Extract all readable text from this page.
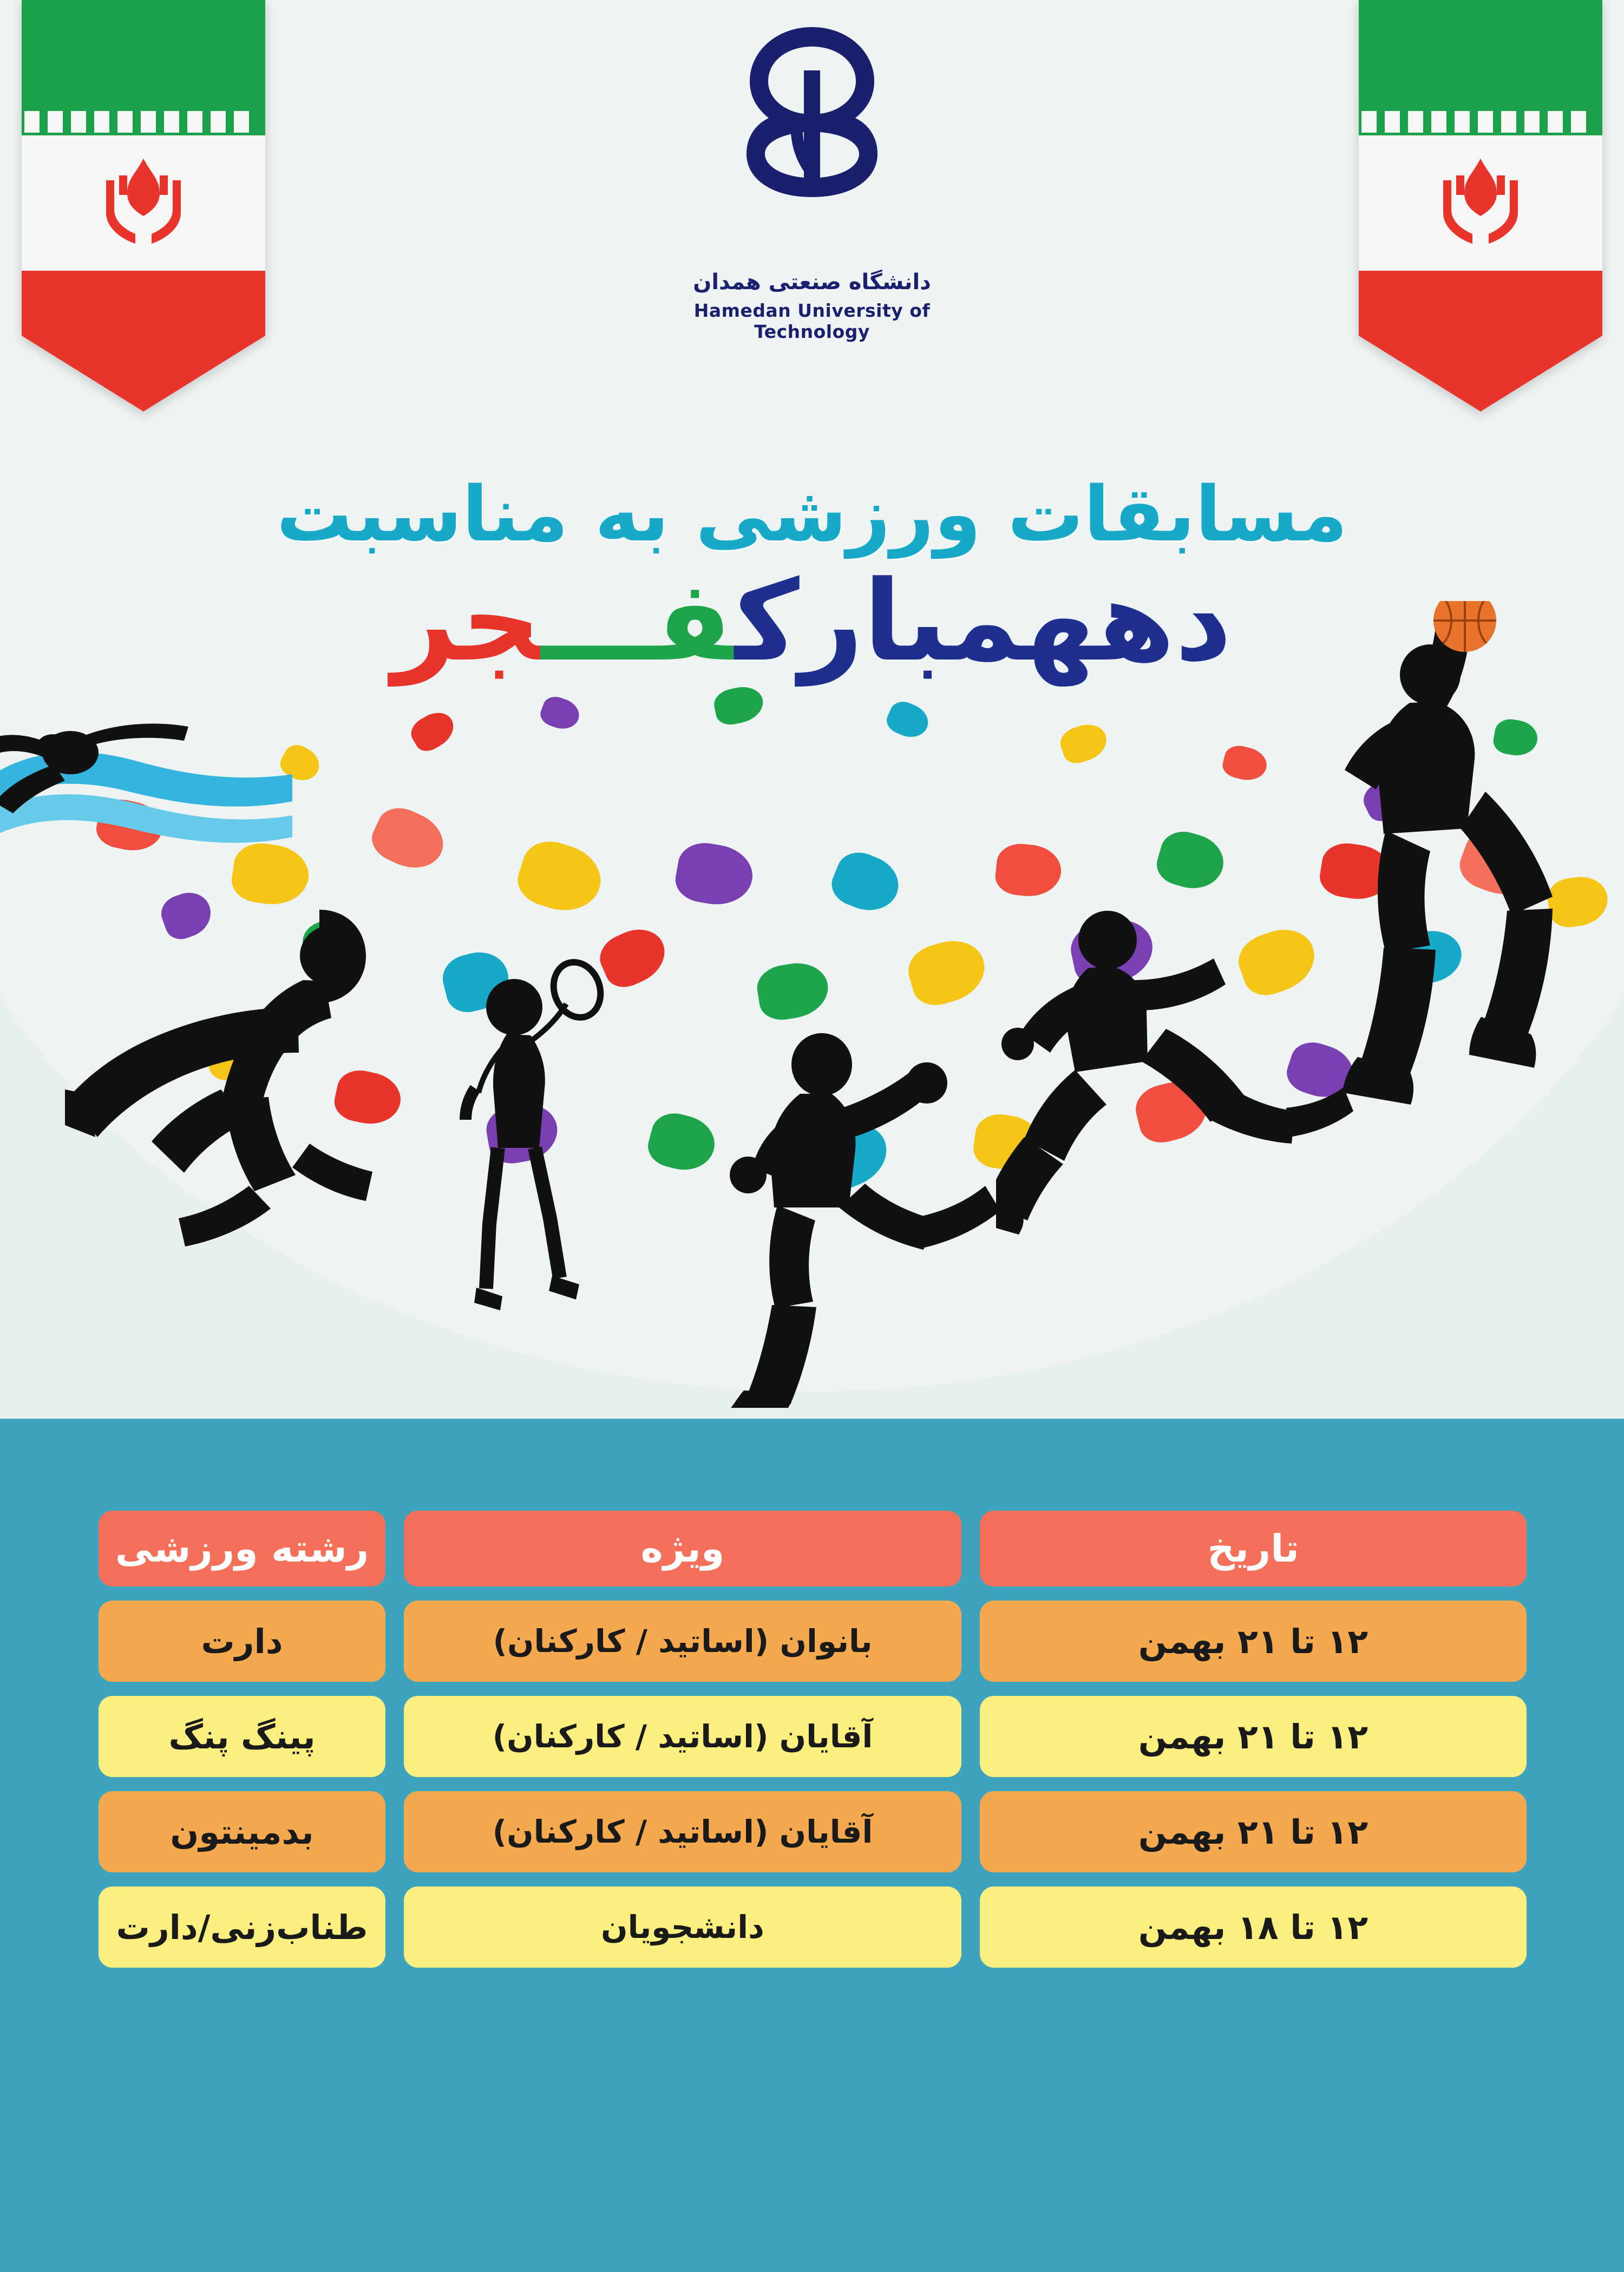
دانشگاه صنعتی همدان
Hamedan University of Technology
مسابقات ورزشی به مناسبت
دههمبارکفـــجر
تاریخ
ویژه
رشته ورزشی
۱۲ تا ۲۱ بهمن
بانوان (اساتید / کارکنان)
دارت
۱۲ تا ۲۱ بهمن
آقایان (اساتید / کارکنان)
پینگ پنگ
۱۲ تا ۲۱ بهمن
آقایان (اساتید / کارکنان)
بدمینتون
۱۲ تا ۱۸ بهمن
دانشجویان
طناب‌زنی/دارت
